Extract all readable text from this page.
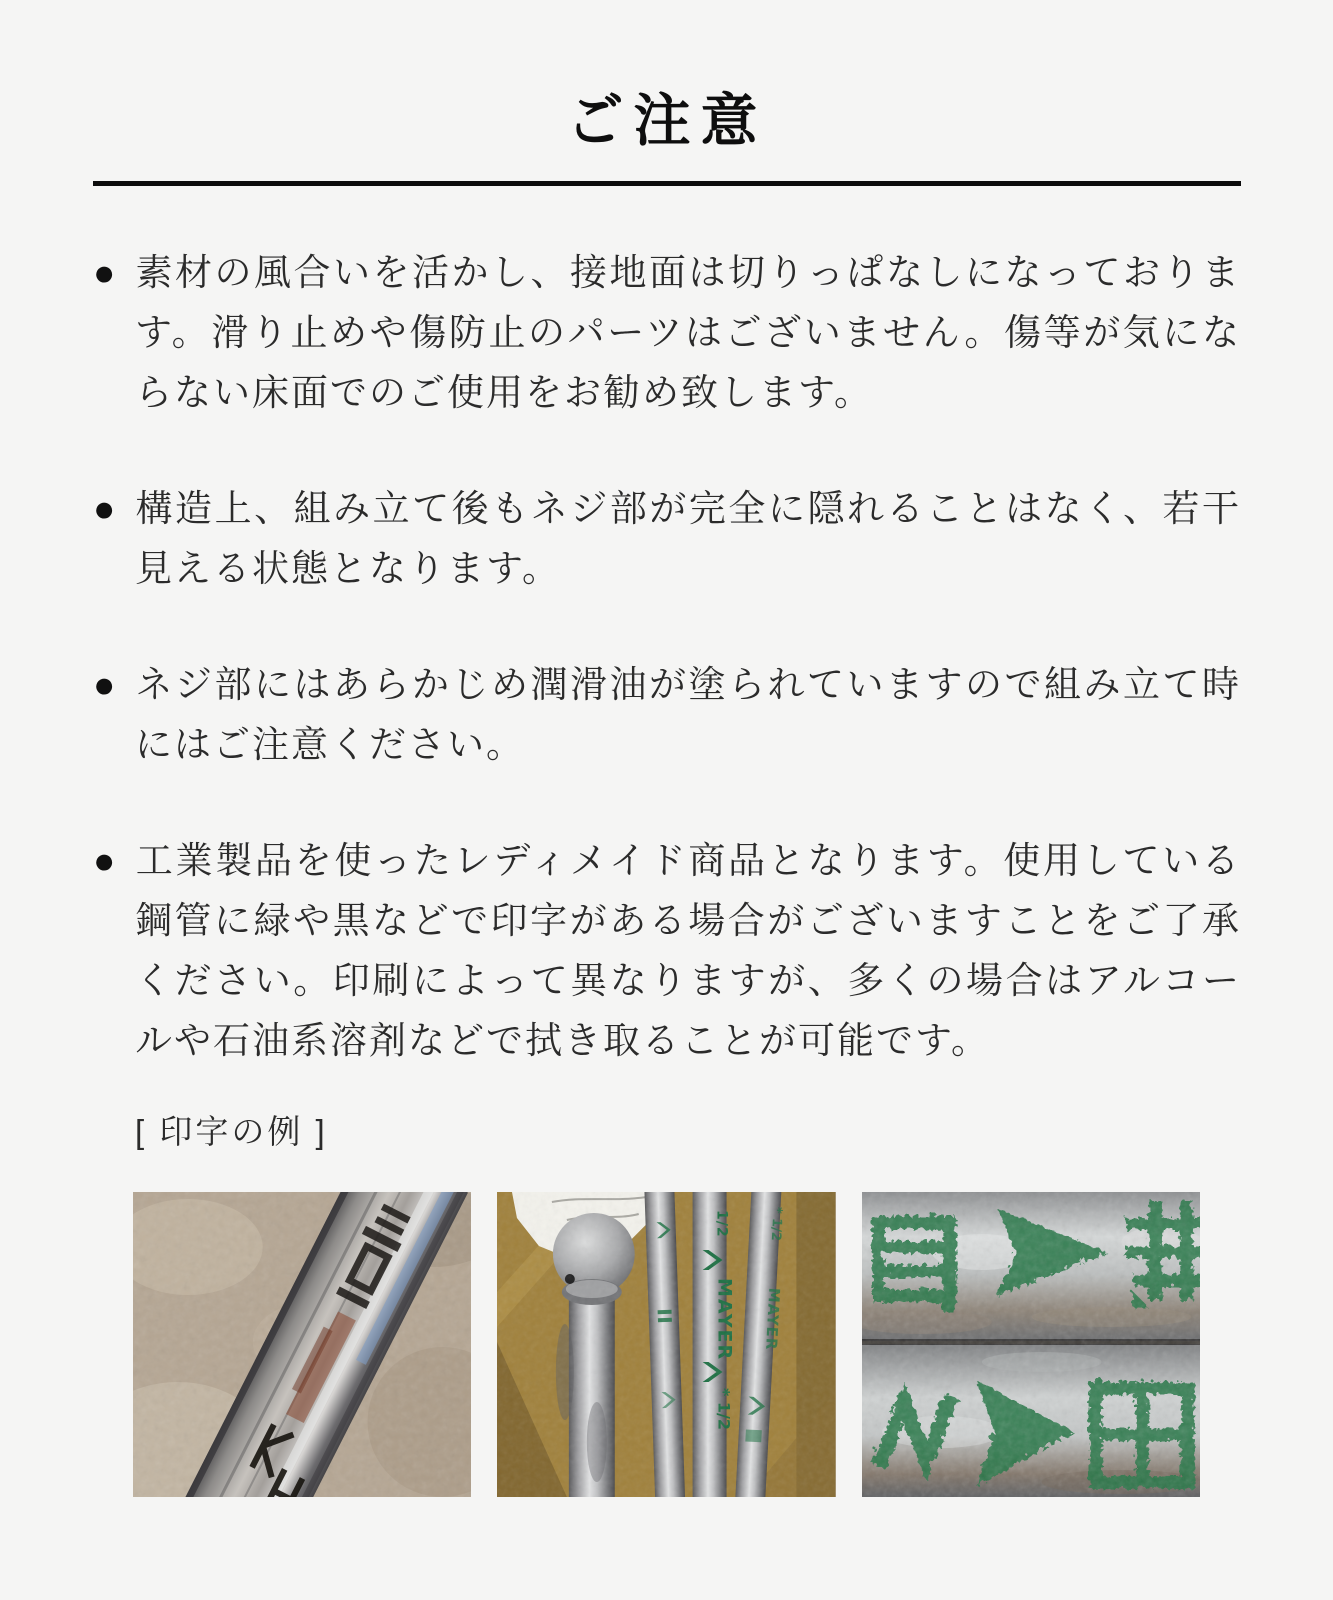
ご注意

● 素材の風合いを活かし、接地面は切りっぱなしになっております。滑り止めや傷防止のパーツはございません。傷等が気にならない床面でのご使用をお勧め致します。

● 構造上、組み立て後もネジ部が完全に隠れることはなく、若干見える状態となります。

● ネジ部にはあらかじめ潤滑油が塗られていますので組み立て時にはご注意ください。

● 工業製品を使ったレディメイド商品となります。使用している鋼管に緑や黒などで印字がある場合がございますことをご了承ください。印刷によって異なりますが、多くの場合はアルコールや石油系溶剤などで拭き取ることが可能です。

[ 印字の例 ]
1/2
MAYER
* 1/2
* 1/2
MAYER
